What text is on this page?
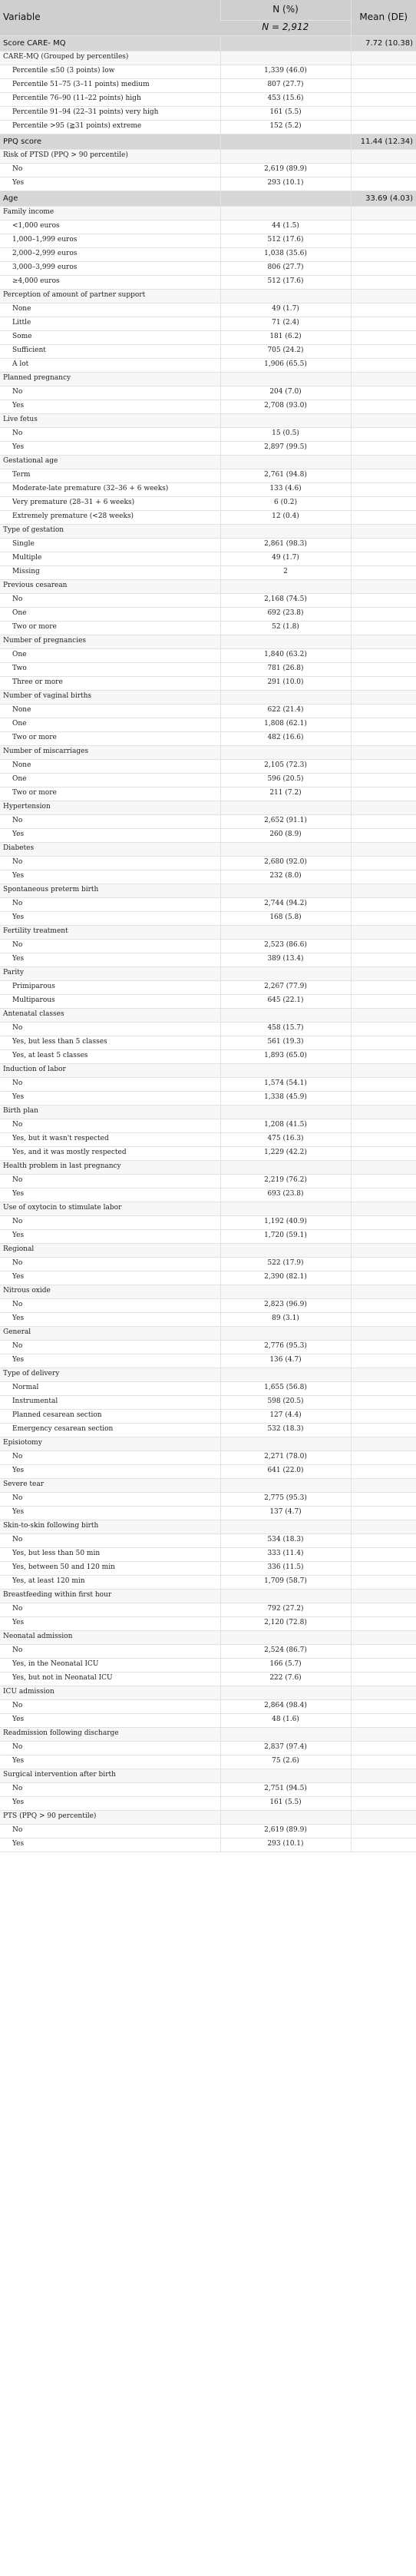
Variable	N (%)	Mean (DE)
	N = 2,912	
Score CARE- MQ		7.72 (10.38)
CARE-MQ (Grouped by percentiles)		
Percentile ≤50 (3 points) low	1,339 (46.0)	
Percentile 51–75 (3–11 points) medium	807 (27.7)	
Percentile 76–90 (11–22 points) high	453 (15.6)	
Percentile 91–94 (22–31 points) very high	161 (5.5)	
Percentile >95 (≧31 points) extreme	152 (5.2)	
PPQ score		11.44 (12.34)
Risk of PTSD (PPQ > 90 percentile)		
No	2,619 (89.9)	
Yes	293 (10.1)	
Age		33.69 (4.03)
Family income		
<1,000 euros	44 (1.5)	
1,000–1,999 euros	512 (17.6)	
2,000–2,999 euros	1,038 (35.6)	
3,000–3,999 euros	806 (27.7)	
≥4,000 euros	512 (17.6)	
Perception of amount of partner support		
None	49 (1.7)	
Little	71 (2.4)	
Some	181 (6.2)	
Sufficient	705 (24.2)	
A lot	1,906 (65.5)	
Planned pregnancy		
No	204 (7.0)	
Yes	2,708 (93.0)	
Live fetus		
No	15 (0.5)	
Yes	2,897 (99.5)	
Gestational age		
Term	2,761 (94.8)	
Moderate-late premature (32–36 + 6 weeks)	133 (4.6)	
Very premature (28–31 + 6 weeks)	6 (0.2)	
Extremely premature (<28 weeks)	12 (0.4)	
Type of gestation		
Single	2,861 (98.3)	
Multiple	49 (1.7)	
Missing	2	
Previous cesarean		
No	2,168 (74.5)	
One	692 (23.8)	
Two or more	52 (1.8)	
Number of pregnancies		
One	1,840 (63.2)	
Two	781 (26.8)	
Three or more	291 (10.0)	
Number of vaginal births		
None	622 (21.4)	
One	1,808 (62.1)	
Two or more	482 (16.6)	
Number of miscarriages		
None	2,105 (72.3)	
One	596 (20.5)	
Two or more	211 (7.2)	
Hypertension		
No	2,652 (91.1)	
Yes	260 (8.9)	
Diabetes		
No	2,680 (92.0)	
Yes	232 (8.0)	
Spontaneous preterm birth		
No	2,744 (94.2)	
Yes	168 (5.8)	
Fertility treatment		
No	2,523 (86.6)	
Yes	389 (13.4)	
Parity		
Primiparous	2,267 (77.9)	
Multiparous	645 (22.1)	
Antenatal classes		
No	458 (15.7)	
Yes, but less than 5 classes	561 (19.3)	
Yes, at least 5 classes	1,893 (65.0)	
Induction of labor		
No	1,574 (54.1)	
Yes	1,338 (45.9)	
Birth plan		
No	1,208 (41.5)	
Yes, but it wasn't respected	475 (16.3)	
Yes, and it was mostly respected	1,229 (42.2)	
Health problem in last pregnancy		
No	2,219 (76.2)	
Yes	693 (23.8)	
Use of oxytocin to stimulate labor		
No	1,192 (40.9)	
Yes	1,720 (59.1)	
Regional		
No	522 (17.9)	
Yes	2,390 (82.1)	
Nitrous oxide		
No	2,823 (96.9)	
Yes	89 (3.1)	
General		
No	2,776 (95.3)	
Yes	136 (4.7)	
Type of delivery		
Normal	1,655 (56.8)	
Instrumental	598 (20.5)	
Planned cesarean section	127 (4.4)	
Emergency cesarean section	532 (18.3)	
Episiotomy		
No	2,271 (78.0)	
Yes	641 (22.0)	
Severe tear		
No	2,775 (95.3)	
Yes	137 (4.7)	
Skin-to-skin following birth		
No	534 (18.3)	
Yes, but less than 50 min	333 (11.4)	
Yes, between 50 and 120 min	336 (11.5)	
Yes, at least 120 min	1,709 (58.7)	
Breastfeeding within first hour		
No	792 (27.2)	
Yes	2,120 (72.8)	
Neonatal admission		
No	2,524 (86.7)	
Yes, in the Neonatal ICU	166 (5.7)	
Yes, but not in Neonatal ICU	222 (7.6)	
ICU admission		
No	2,864 (98.4)	
Yes	48 (1.6)	
Readmission following discharge		
No	2,837 (97.4)	
Yes	75 (2.6)	
Surgical intervention after birth		
No	2,751 (94.5)	
Yes	161 (5.5)	
PTS (PPQ > 90 percentile)		
No	2,619 (89.9)	
Yes	293 (10.1)	
